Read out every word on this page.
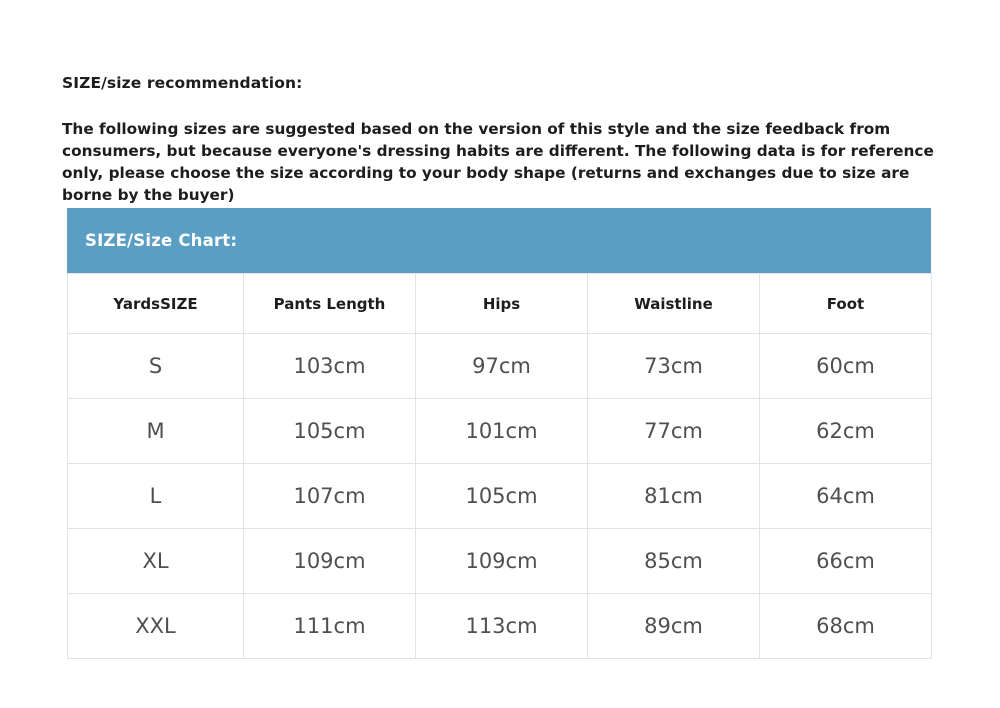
SIZE/size recommendation:
The following sizes are suggested based on the version of this style and the size feedback from consumers, but because everyone's dressing habits are different. The following data is for reference only, please choose the size according to your body shape (returns and exchanges due to size are borne by the buyer)
SIZE/Size Chart:
YardsSIZE	Pants Length	Hips	Waistline	Foot
S	103cm	97cm	73cm	60cm
M	105cm	101cm	77cm	62cm
L	107cm	105cm	81cm	64cm
XL	109cm	109cm	85cm	66cm
XXL	111cm	113cm	89cm	68cm
